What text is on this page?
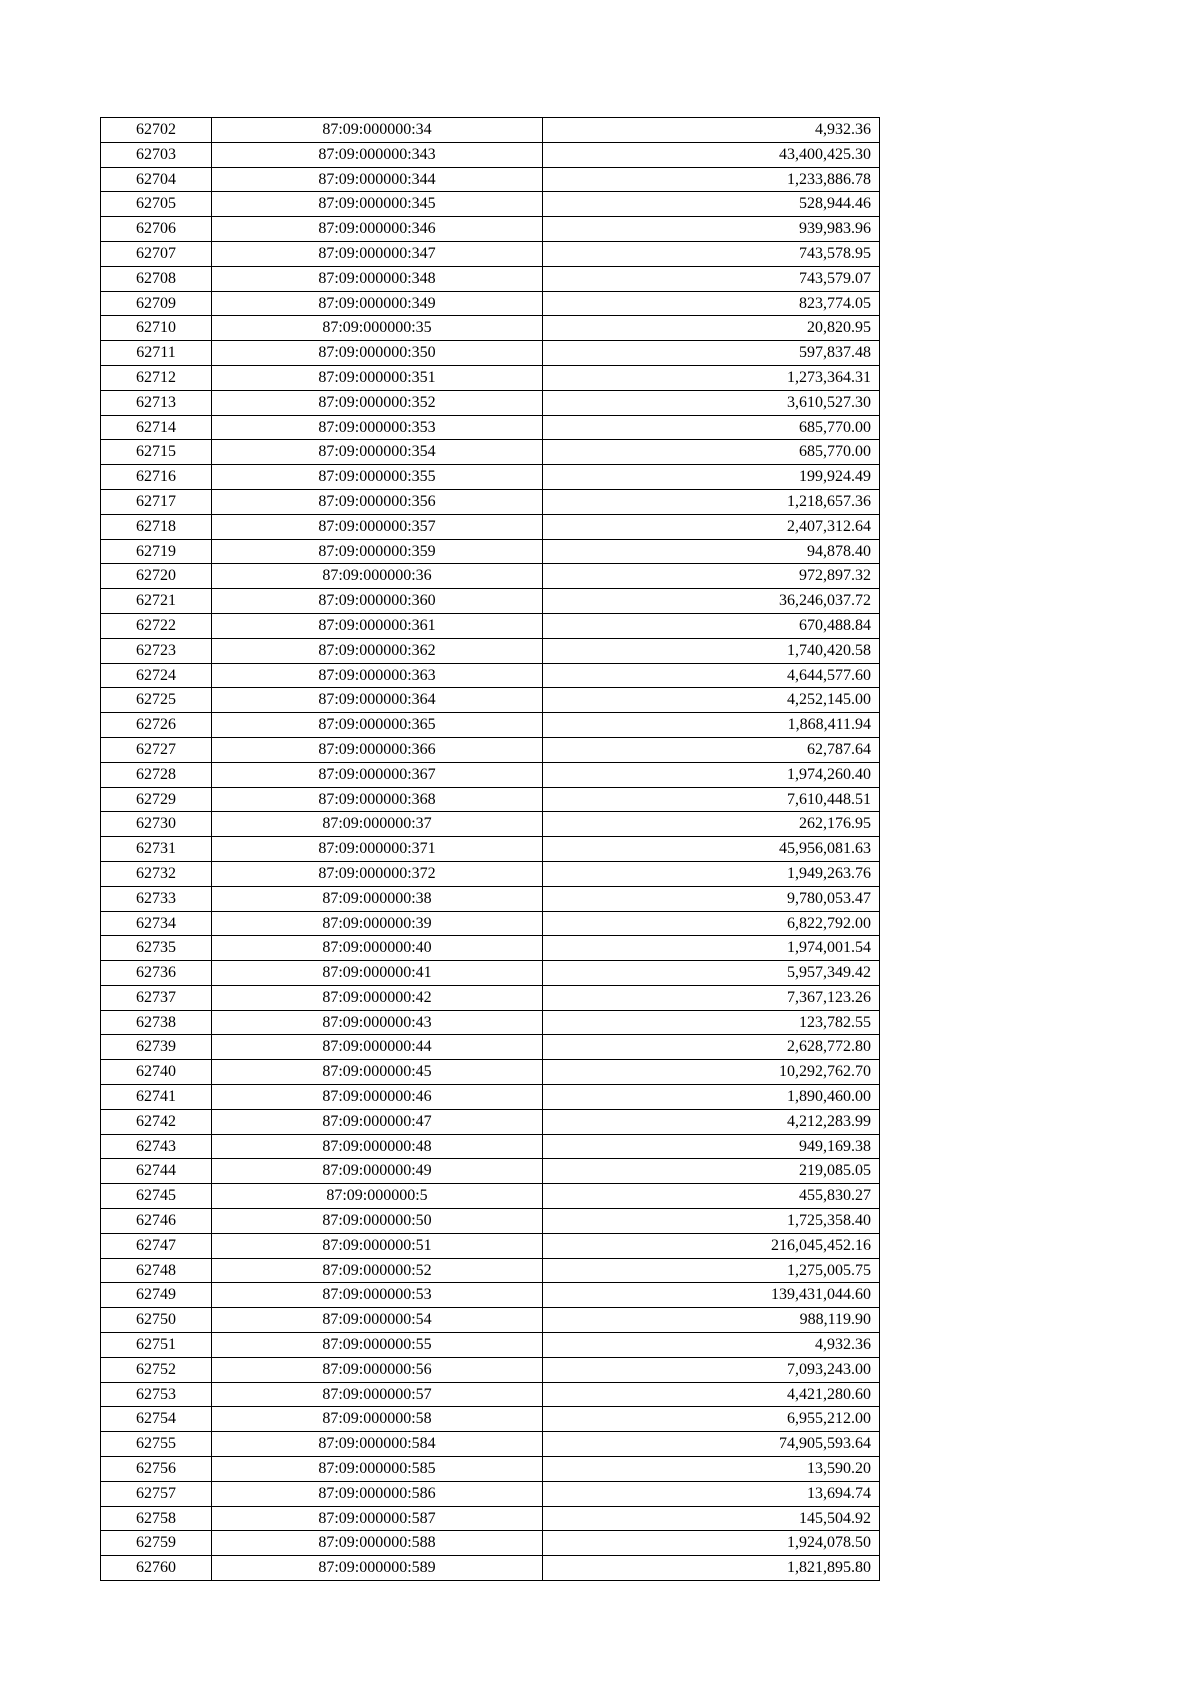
62702	87:09:000000:34	4,932.36
62703	87:09:000000:343	43,400,425.30
62704	87:09:000000:344	1,233,886.78
62705	87:09:000000:345	528,944.46
62706	87:09:000000:346	939,983.96
62707	87:09:000000:347	743,578.95
62708	87:09:000000:348	743,579.07
62709	87:09:000000:349	823,774.05
62710	87:09:000000:35	20,820.95
62711	87:09:000000:350	597,837.48
62712	87:09:000000:351	1,273,364.31
62713	87:09:000000:352	3,610,527.30
62714	87:09:000000:353	685,770.00
62715	87:09:000000:354	685,770.00
62716	87:09:000000:355	199,924.49
62717	87:09:000000:356	1,218,657.36
62718	87:09:000000:357	2,407,312.64
62719	87:09:000000:359	94,878.40
62720	87:09:000000:36	972,897.32
62721	87:09:000000:360	36,246,037.72
62722	87:09:000000:361	670,488.84
62723	87:09:000000:362	1,740,420.58
62724	87:09:000000:363	4,644,577.60
62725	87:09:000000:364	4,252,145.00
62726	87:09:000000:365	1,868,411.94
62727	87:09:000000:366	62,787.64
62728	87:09:000000:367	1,974,260.40
62729	87:09:000000:368	7,610,448.51
62730	87:09:000000:37	262,176.95
62731	87:09:000000:371	45,956,081.63
62732	87:09:000000:372	1,949,263.76
62733	87:09:000000:38	9,780,053.47
62734	87:09:000000:39	6,822,792.00
62735	87:09:000000:40	1,974,001.54
62736	87:09:000000:41	5,957,349.42
62737	87:09:000000:42	7,367,123.26
62738	87:09:000000:43	123,782.55
62739	87:09:000000:44	2,628,772.80
62740	87:09:000000:45	10,292,762.70
62741	87:09:000000:46	1,890,460.00
62742	87:09:000000:47	4,212,283.99
62743	87:09:000000:48	949,169.38
62744	87:09:000000:49	219,085.05
62745	87:09:000000:5	455,830.27
62746	87:09:000000:50	1,725,358.40
62747	87:09:000000:51	216,045,452.16
62748	87:09:000000:52	1,275,005.75
62749	87:09:000000:53	139,431,044.60
62750	87:09:000000:54	988,119.90
62751	87:09:000000:55	4,932.36
62752	87:09:000000:56	7,093,243.00
62753	87:09:000000:57	4,421,280.60
62754	87:09:000000:58	6,955,212.00
62755	87:09:000000:584	74,905,593.64
62756	87:09:000000:585	13,590.20
62757	87:09:000000:586	13,694.74
62758	87:09:000000:587	145,504.92
62759	87:09:000000:588	1,924,078.50
62760	87:09:000000:589	1,821,895.80
